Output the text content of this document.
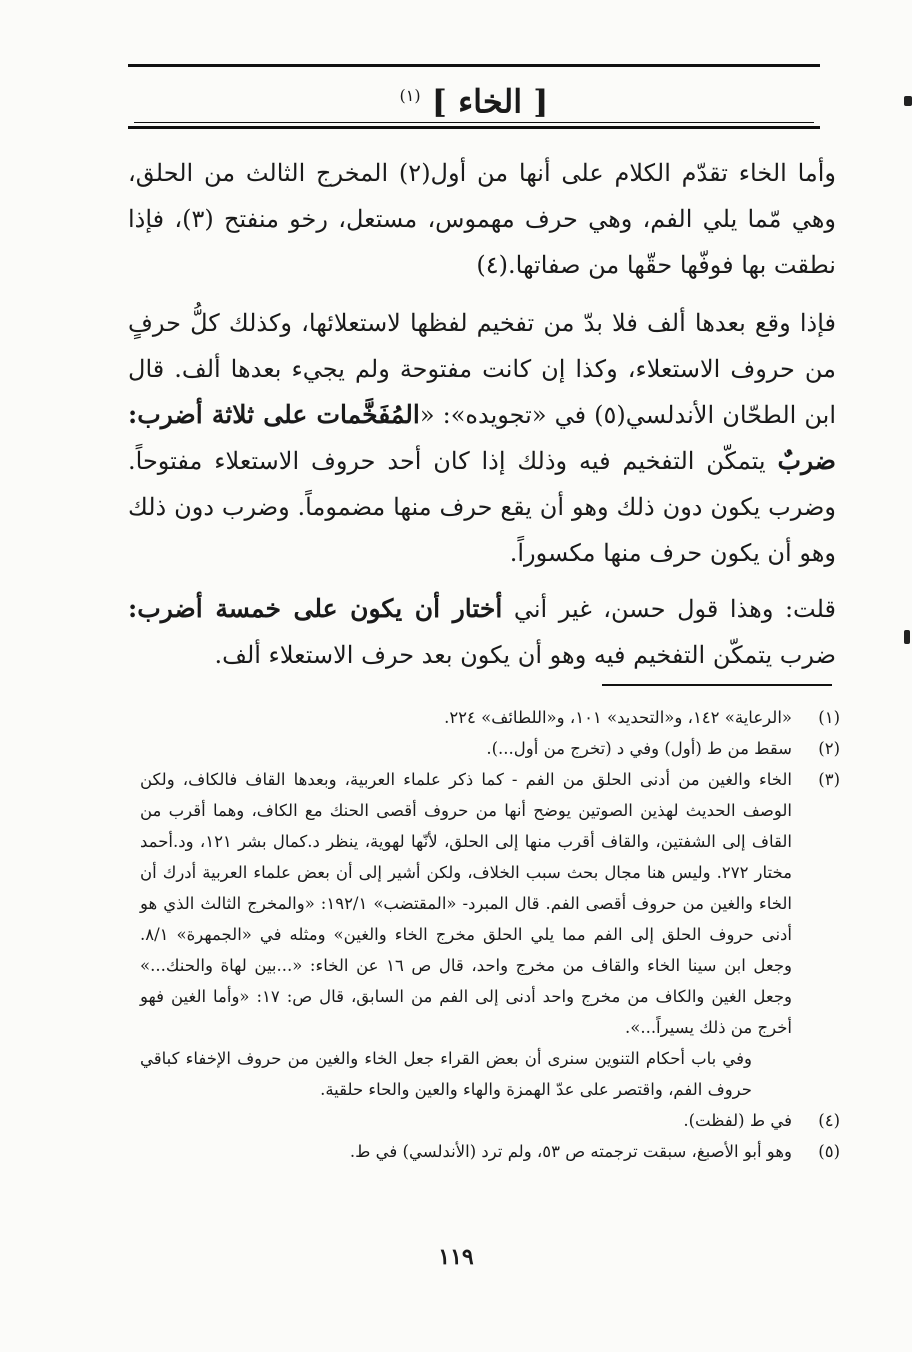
[ الخاء ] $^{(١)}$

وأما الخاء تقدّم الكلام على أنها من أول(٢) المخرج الثالث من الحلق، وهي مّما يلي الفم، وهي حرف مهموس، مستعل، رخو منفتح (٣)، فإذا نطقت بها فوفّها حقّها من صفاتها.(٤)

فإذا وقع بعدها ألف فلا بدّ من تفخيم لفظها لاستعلائها، وكذلك كلُّ حرفٍ من حروف الاستعلاء، وكذا إن كانت مفتوحة ولم يجيء بعدها ألف. قال ابن الطحّان الأندلسي(٥) في «تجويده»: «المُفَخَّمات على ثلاثة أضرب: ضربٌ يتمكّن التفخيم فيه وذلك إذا كان أحد حروف الاستعلاء مفتوحاً. وضرب يكون دون ذلك وهو أن يقع حرف منها مضموماً. وضرب دون ذلك وهو أن يكون حرف منها مكسوراً.

قلت: وهذا قول حسن، غير أني أختار أن يكون على خمسة أضرب: ضرب يتمكّن التفخيم فيه وهو أن يكون بعد حرف الاستعلاء ألف.

(١)
«الرعاية» ١٤٢، و«التحديد» ١٠١، و«اللطائف» ٢٢٤.
(٢)
سقط من ط (أول) وفي د (تخرج من أول...).
(٣)
الخاء والغين من أدنى الحلق من الفم - كما ذكر علماء العربية، وبعدها القاف فالكاف، ولكن الوصف الحديث لهذين الصوتين يوضح أنها من حروف أقصى الحنك مع الكاف، وهما أقرب من القاف إلى الشفتين، والقاف أقرب منها إلى الحلق، لأنّها لهوية، ينظر د.كمال بشر ١٢١، ود.أحمد مختار ٢٧٢. وليس هنا مجال بحث سبب الخلاف، ولكن أشير إلى أن بعض علماء العربية أدرك أن الخاء والغين من حروف أقصى الفم. قال المبرد- «المقتضب» ١٩٢/١: «والمخرج الثالث الذي هو أدنى حروف الحلق إلى الفم مما يلي الحلق مخرج الخاء والغين» ومثله في «الجمهرة» ٨/١. وجعل ابن سينا الخاء والقاف من مخرج واحد، قال ص ١٦ عن الخاء: «...بين لهاة والحنك...» وجعل الغين والكاف من مخرج واحد أدنى إلى الفم من السابق، قال ص: ١٧: «وأما الغين فهو أخرج من ذلك يسيراً...».
وفي باب أحكام التنوين سنرى أن بعض القراء جعل الخاء والغين من حروف الإخفاء كباقي حروف الفم، واقتصر على عدّ الهمزة والهاء والعين والحاء حلقية.
(٤)
في ط (لفظت).
(٥)
وهو أبو الأصبغ، سبقت ترجمته ص ٥٣، ولم ترد (الأندلسي) في ط.
١١٩
